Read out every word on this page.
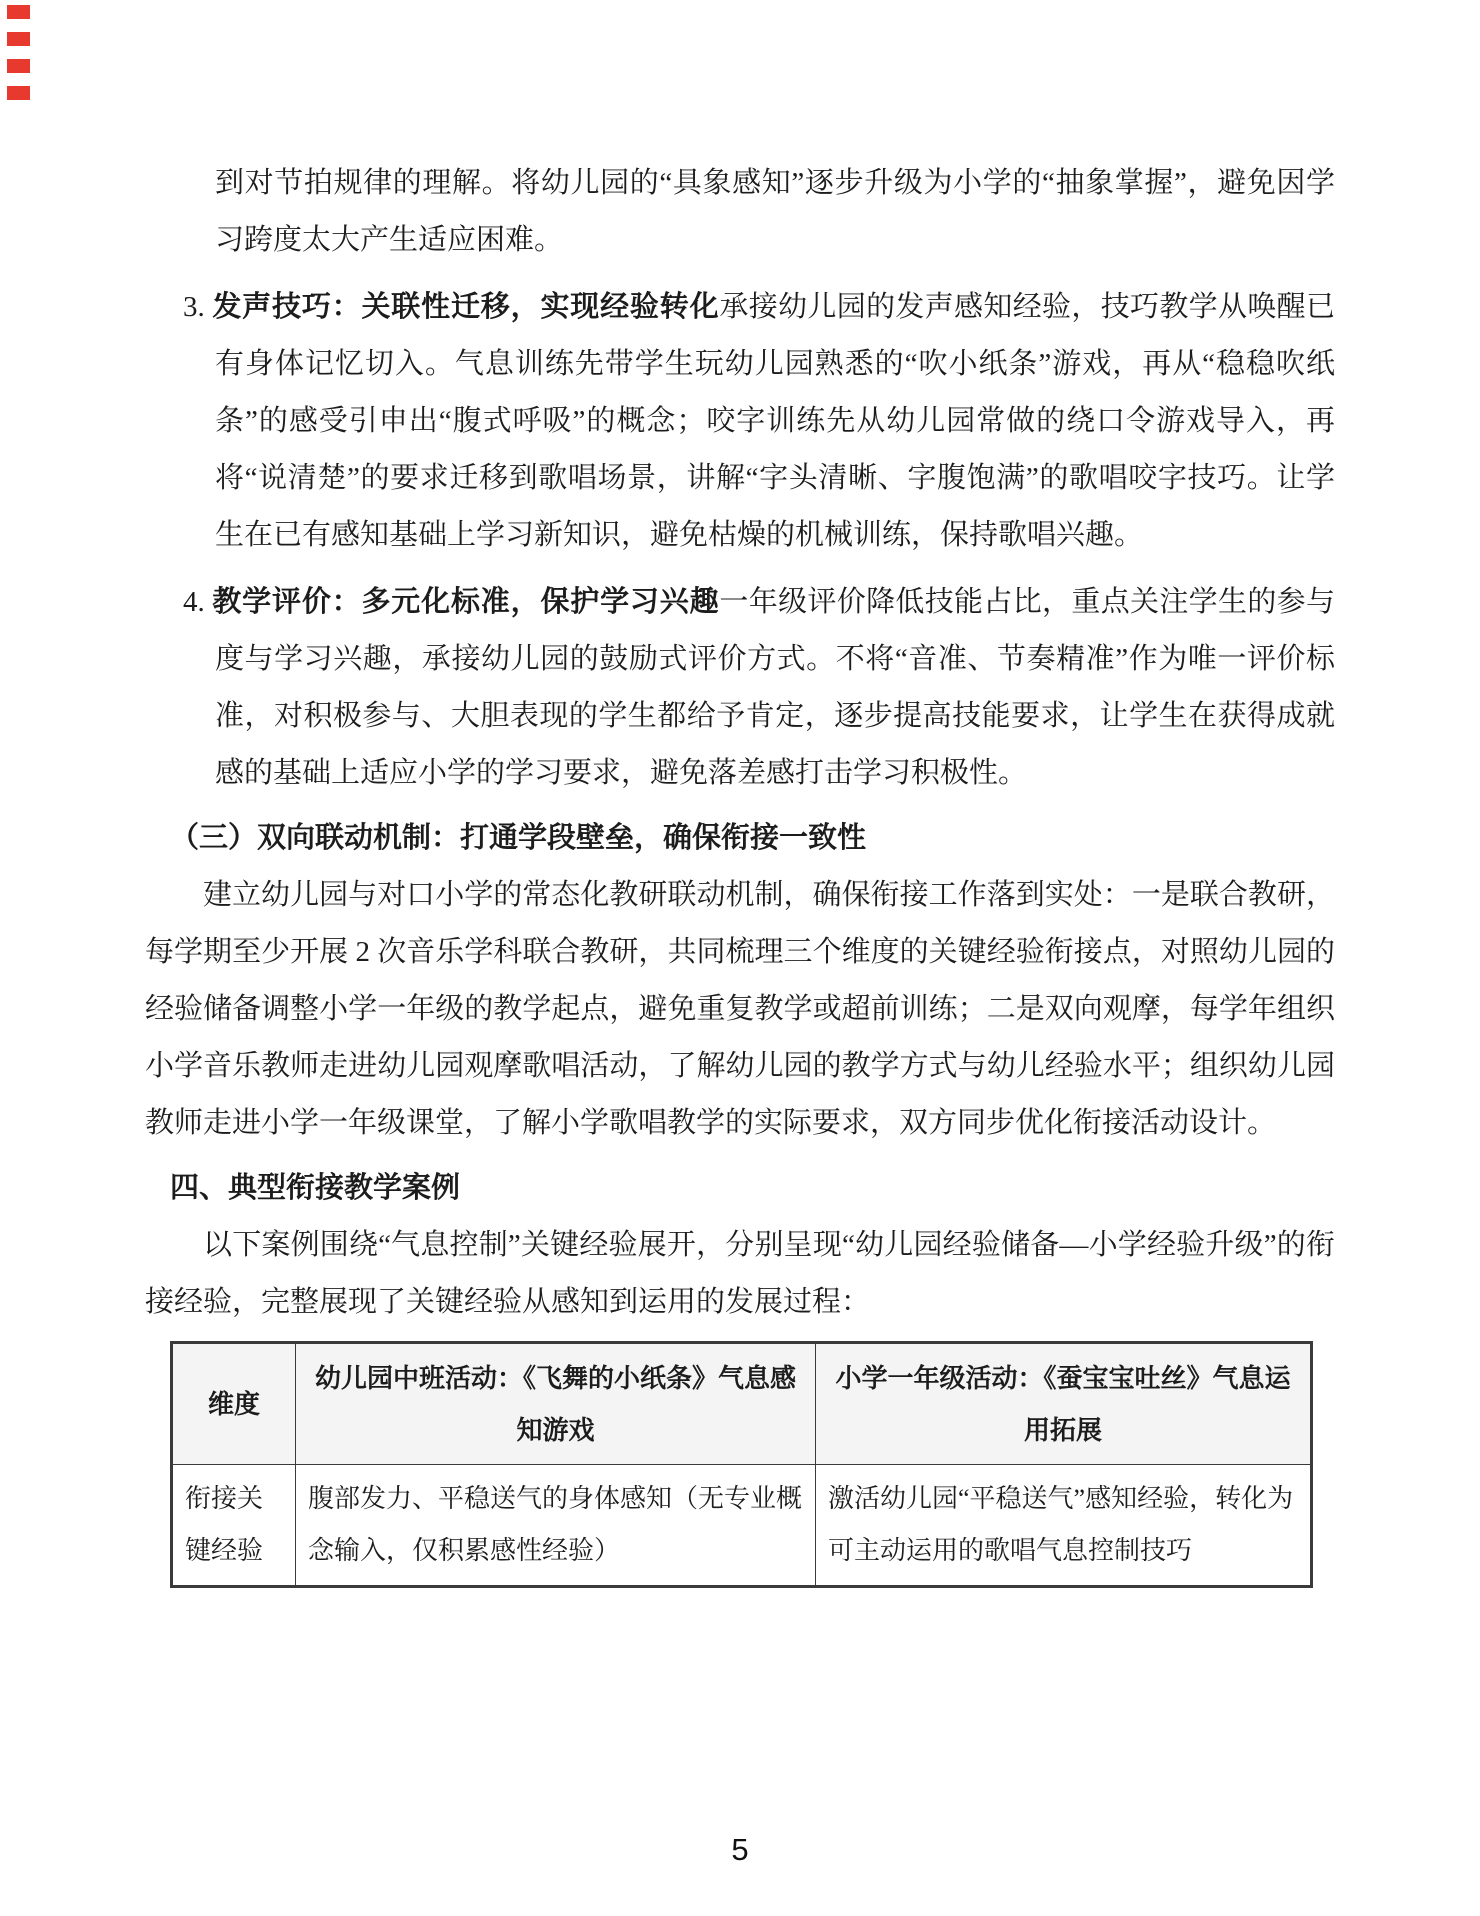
到对节拍规律的理解。将幼儿园的“具象感知”逐步升级为小学的“抽象掌握”，避免因学习跨度太大产生适应困难。

3. 发声技巧：关联性迁移，实现经验转化承接幼儿园的发声感知经验，技巧教学从唤醒已有身体记忆切入。气息训练先带学生玩幼儿园熟悉的“吹小纸条”游戏，再从“稳稳吹纸条”的感受引申出“腹式呼吸”的概念；咬字训练先从幼儿园常做的绕口令游戏导入，再将“说清楚”的要求迁移到歌唱场景，讲解“字头清晰、字腹饱满”的歌唱咬字技巧。让学生在已有感知基础上学习新知识，避免枯燥的机械训练，保持歌唱兴趣。
4. 教学评价：多元化标准，保护学习兴趣一年级评价降低技能占比，重点关注学生的参与度与学习兴趣，承接幼儿园的鼓励式评价方式。不将“音准、节奏精准”作为唯一评价标准，对积极参与、大胆表现的学生都给予肯定，逐步提高技能要求，让学生在获得成就感的基础上适应小学的学习要求，避免落差感打击学习积极性。
（三）双向联动机制：打通学段壁垒，确保衔接一致性

建立幼儿园与对口小学的常态化教研联动机制，确保衔接工作落到实处：一是联合教研，每学期至少开展 2 次音乐学科联合教研，共同梳理三个维度的关键经验衔接点，对照幼儿园的经验储备调整小学一年级的教学起点，避免重复教学或超前训练；二是双向观摩，每学年组织小学音乐教师走进幼儿园观摩歌唱活动，了解幼儿园的教学方式与幼儿经验水平；组织幼儿园教师走进小学一年级课堂，了解小学歌唱教学的实际要求，双方同步优化衔接活动设计。

四、典型衔接教学案例

以下案例围绕“气息控制”关键经验展开，分别呈现“幼儿园经验储备—小学经验升级”的衔接经验，完整展现了关键经验从感知到运用的发展过程：

维度	幼儿园中班活动：《飞舞的小纸条》气息感知游戏	小学一年级活动：《蚕宝宝吐丝》气息运用拓展
衔接关键经验	腹部发力、平稳送气的身体感知（无专业概念输入，仅积累感性经验）	激活幼儿园“平稳送气”感知经验，转化为可主动运用的歌唱气息控制技巧
5
